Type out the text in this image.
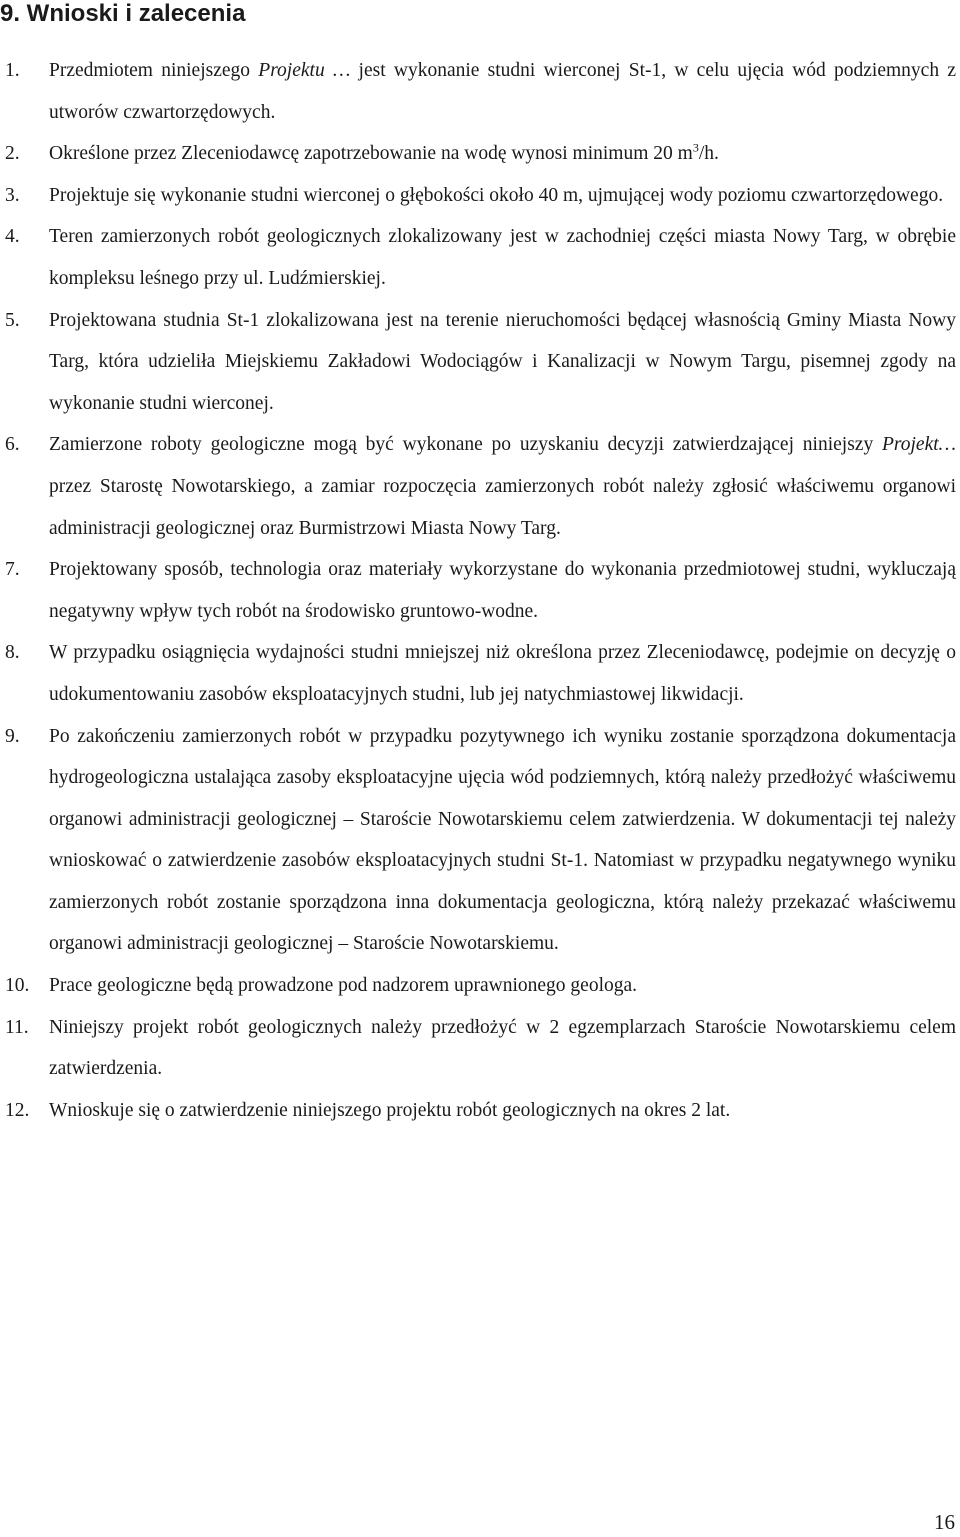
9. Wnioski i zalecenia
1.	Przedmiotem niniejszego Projektu … jest wykonanie studni wierconej St-1, w celu ujęcia wód podziemnych z utworów czwartorzędowych.
2.	Określone przez Zleceniodawcę zapotrzebowanie na wodę wynosi minimum 20 $m^3/h$.
3.	Projektuje się wykonanie studni wierconej o głębokości około 40 m, ujmującej wody poziomu czwartorzędowego.
4.	Teren zamierzonych robót geologicznych zlokalizowany jest w zachodniej części miasta Nowy Targ, w obrębie kompleksu leśnego przy ul. Ludźmierskiej.
5.	Projektowana studnia St-1 zlokalizowana jest na terenie nieruchomości będącej własnością Gminy Miasta Nowy Targ, która udzieliła Miejskiemu Zakładowi Wodociągów i Kanalizacji w Nowym Targu, pisemnej zgody na wykonanie studni wierconej.
6.	Zamierzone roboty geologiczne mogą być wykonane po uzyskaniu decyzji zatwierdzającej niniejszy Projekt… przez Starostę Nowotarskiego, a zamiar rozpoczęcia zamierzonych robót należy zgłosić właściwemu organowi administracji geologicznej oraz Burmistrzowi Miasta Nowy Targ.
7.	Projektowany sposób, technologia oraz materiały wykorzystane do wykonania przedmiotowej studni, wykluczają negatywny wpływ tych robót na środowisko gruntowo-wodne.
8.	W przypadku osiągnięcia wydajności studni mniejszej niż określona przez Zleceniodawcę, podejmie on decyzję o udokumentowaniu zasobów eksploatacyjnych studni, lub jej natychmiastowej likwidacji.
9.	Po zakończeniu zamierzonych robót w przypadku pozytywnego ich wyniku zostanie sporządzona dokumentacja hydrogeologiczna ustalająca zasoby eksploatacyjne ujęcia wód podziemnych, którą należy przedłożyć właściwemu organowi administracji geologicznej – Staroście Nowotarskiemu celem zatwierdzenia. W dokumentacji tej należy wnioskować o zatwierdzenie zasobów eksploatacyjnych studni St-1. Natomiast w przypadku negatywnego wyniku zamierzonych robót zostanie sporządzona inna dokumentacja geologiczna, którą należy przekazać właściwemu organowi administracji geologicznej – Staroście Nowotarskiemu.
10.	Prace geologiczne będą prowadzone pod nadzorem uprawnionego geologa.
11.	Niniejszy projekt robót geologicznych należy przedłożyć w 2 egzemplarzach Staroście Nowotarskiemu celem zatwierdzenia.
12.	Wnioskuje się o zatwierdzenie niniejszego projektu robót geologicznych na okres 2 lat.
16
